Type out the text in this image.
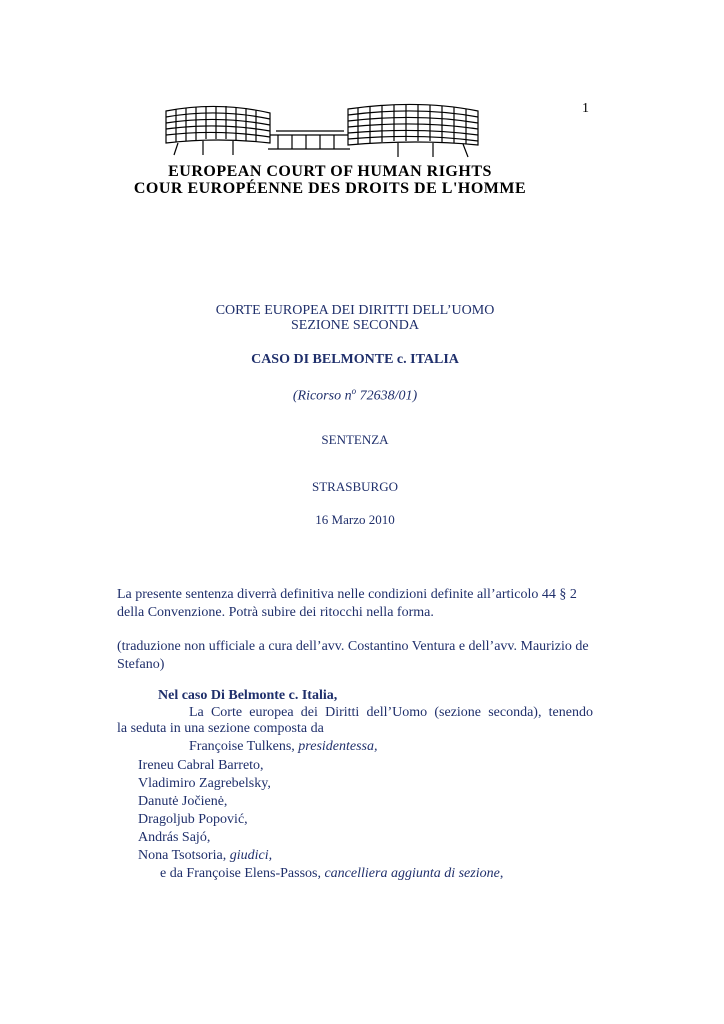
1
EUROPEAN COURT OF HUMAN RIGHTS
COUR EUROPÉENNE DES DROITS DE L'HOMME
CORTE EUROPEA DEI DIRITTI DELL’UOMO
SEZIONE SECONDA
CASO DI BELMONTE c. ITALIA
(Ricorso $n^o$ 72638/01)
SENTENZA
STRASBURGO
16 Marzo 2010
La presente sentenza diverrà definitiva nelle condizioni definite all’articolo 44 § 2 della Convenzione. Potrà subire dei ritocchi nella forma.
(traduzione non ufficiale a cura dell’avv. Costantino Ventura e dell’avv. Maurizio de Stefano)
Nel caso Di Belmonte c. Italia,
La Corte europea dei Diritti dell’Uomo (sezione seconda), tenendo
la seduta in una sezione composta da
Françoise Tulkens, presidentessa,
Ireneu Cabral Barreto,
Vladimiro Zagrebelsky,
Danutė Jočienė,
Dragoljub Popović,
András Sajó,
Nona Tsotsoria, giudici,
e da Françoise Elens-Passos, cancelliera aggiunta di sezione,
